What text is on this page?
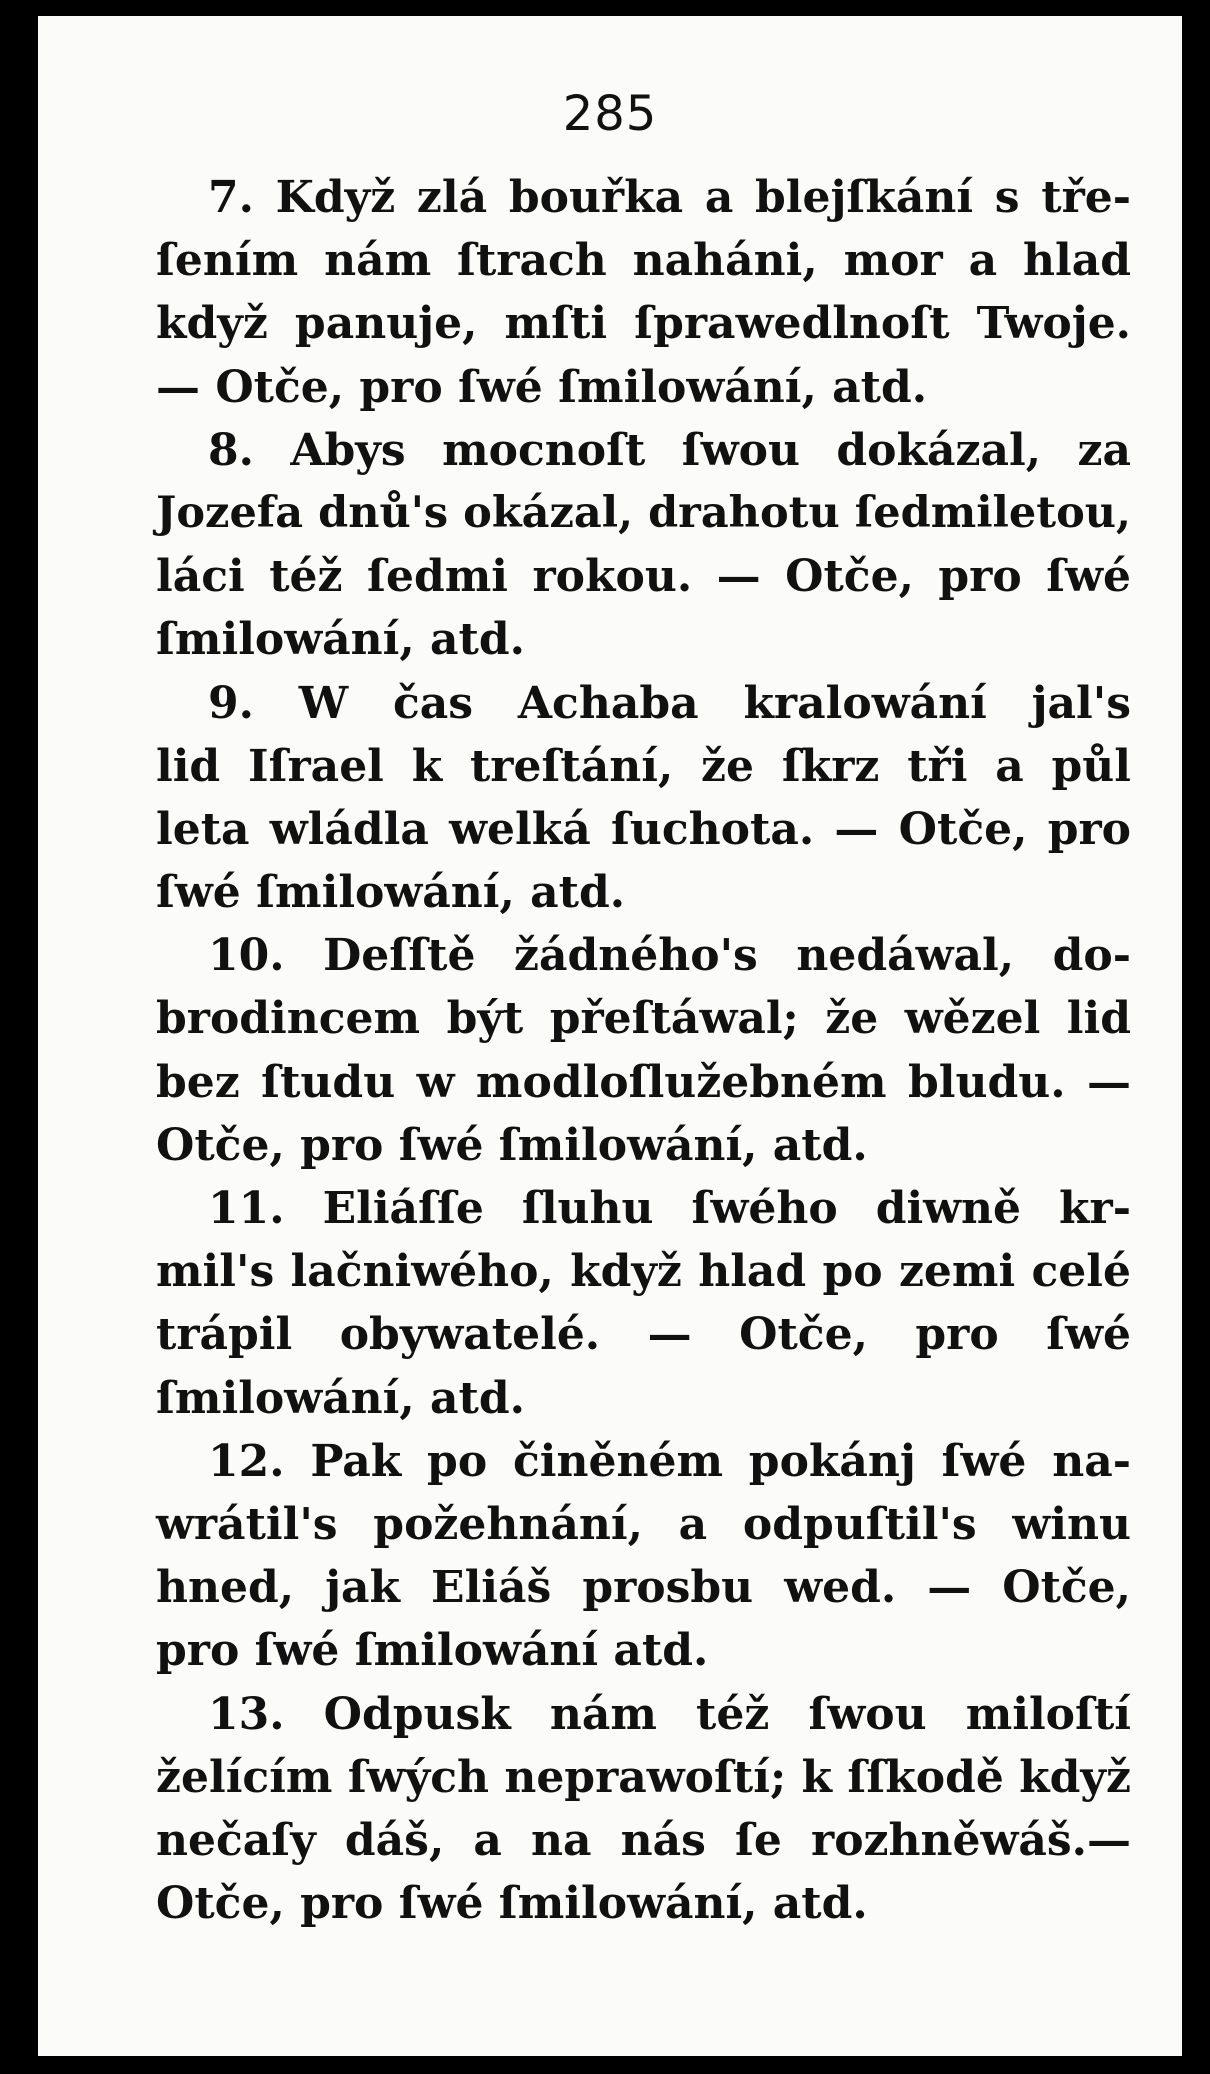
285
7. Když zlá bouřka a blejſkání s tře-
ſením nám ſtrach naháni, mor a hlad
když panuje, mſti ſprawedlnoſt Twoje.
— Otče, pro ſwé ſmilowání, atd.
8. Abys mocnoſt ſwou dokázal, za
Jozefa dnů's okázal, drahotu ſedmiletou,
láci též ſedmi rokou. — Otče, pro ſwé
ſmilowání, atd.
9. W čas Achaba kralowání jal's
lid Iſrael k treſtání, že ſkrz tři a půl
leta wládla welká ſuchota. — Otče, pro
ſwé ſmilowání, atd.
10. Deſſtě žádného's nedáwal, do-
brodincem být přeſtáwal; že wězel lid
bez ſtudu w modloſlužebném bludu. —
Otče, pro ſwé ſmilowání, atd.
11. Eliáſſe ſluhu ſwého diwně kr-
mil's lačniwého, když hlad po zemi celé
trápil obywatelé. — Otče, pro ſwé
ſmilowání, atd.
12. Pak po činěném pokánj ſwé na-
wrátil's požehnání, a odpuſtil's winu
hned, jak Eliáš prosbu wed. — Otče,
pro ſwé ſmilowání atd.
13. Odpusk nám též ſwou miloſtí
želícím ſwých neprawoſtí; k ſſkodě když
nečaſy dáš, a na nás ſe rozhněwáš.—
Otče, pro ſwé ſmilowání, atd.
